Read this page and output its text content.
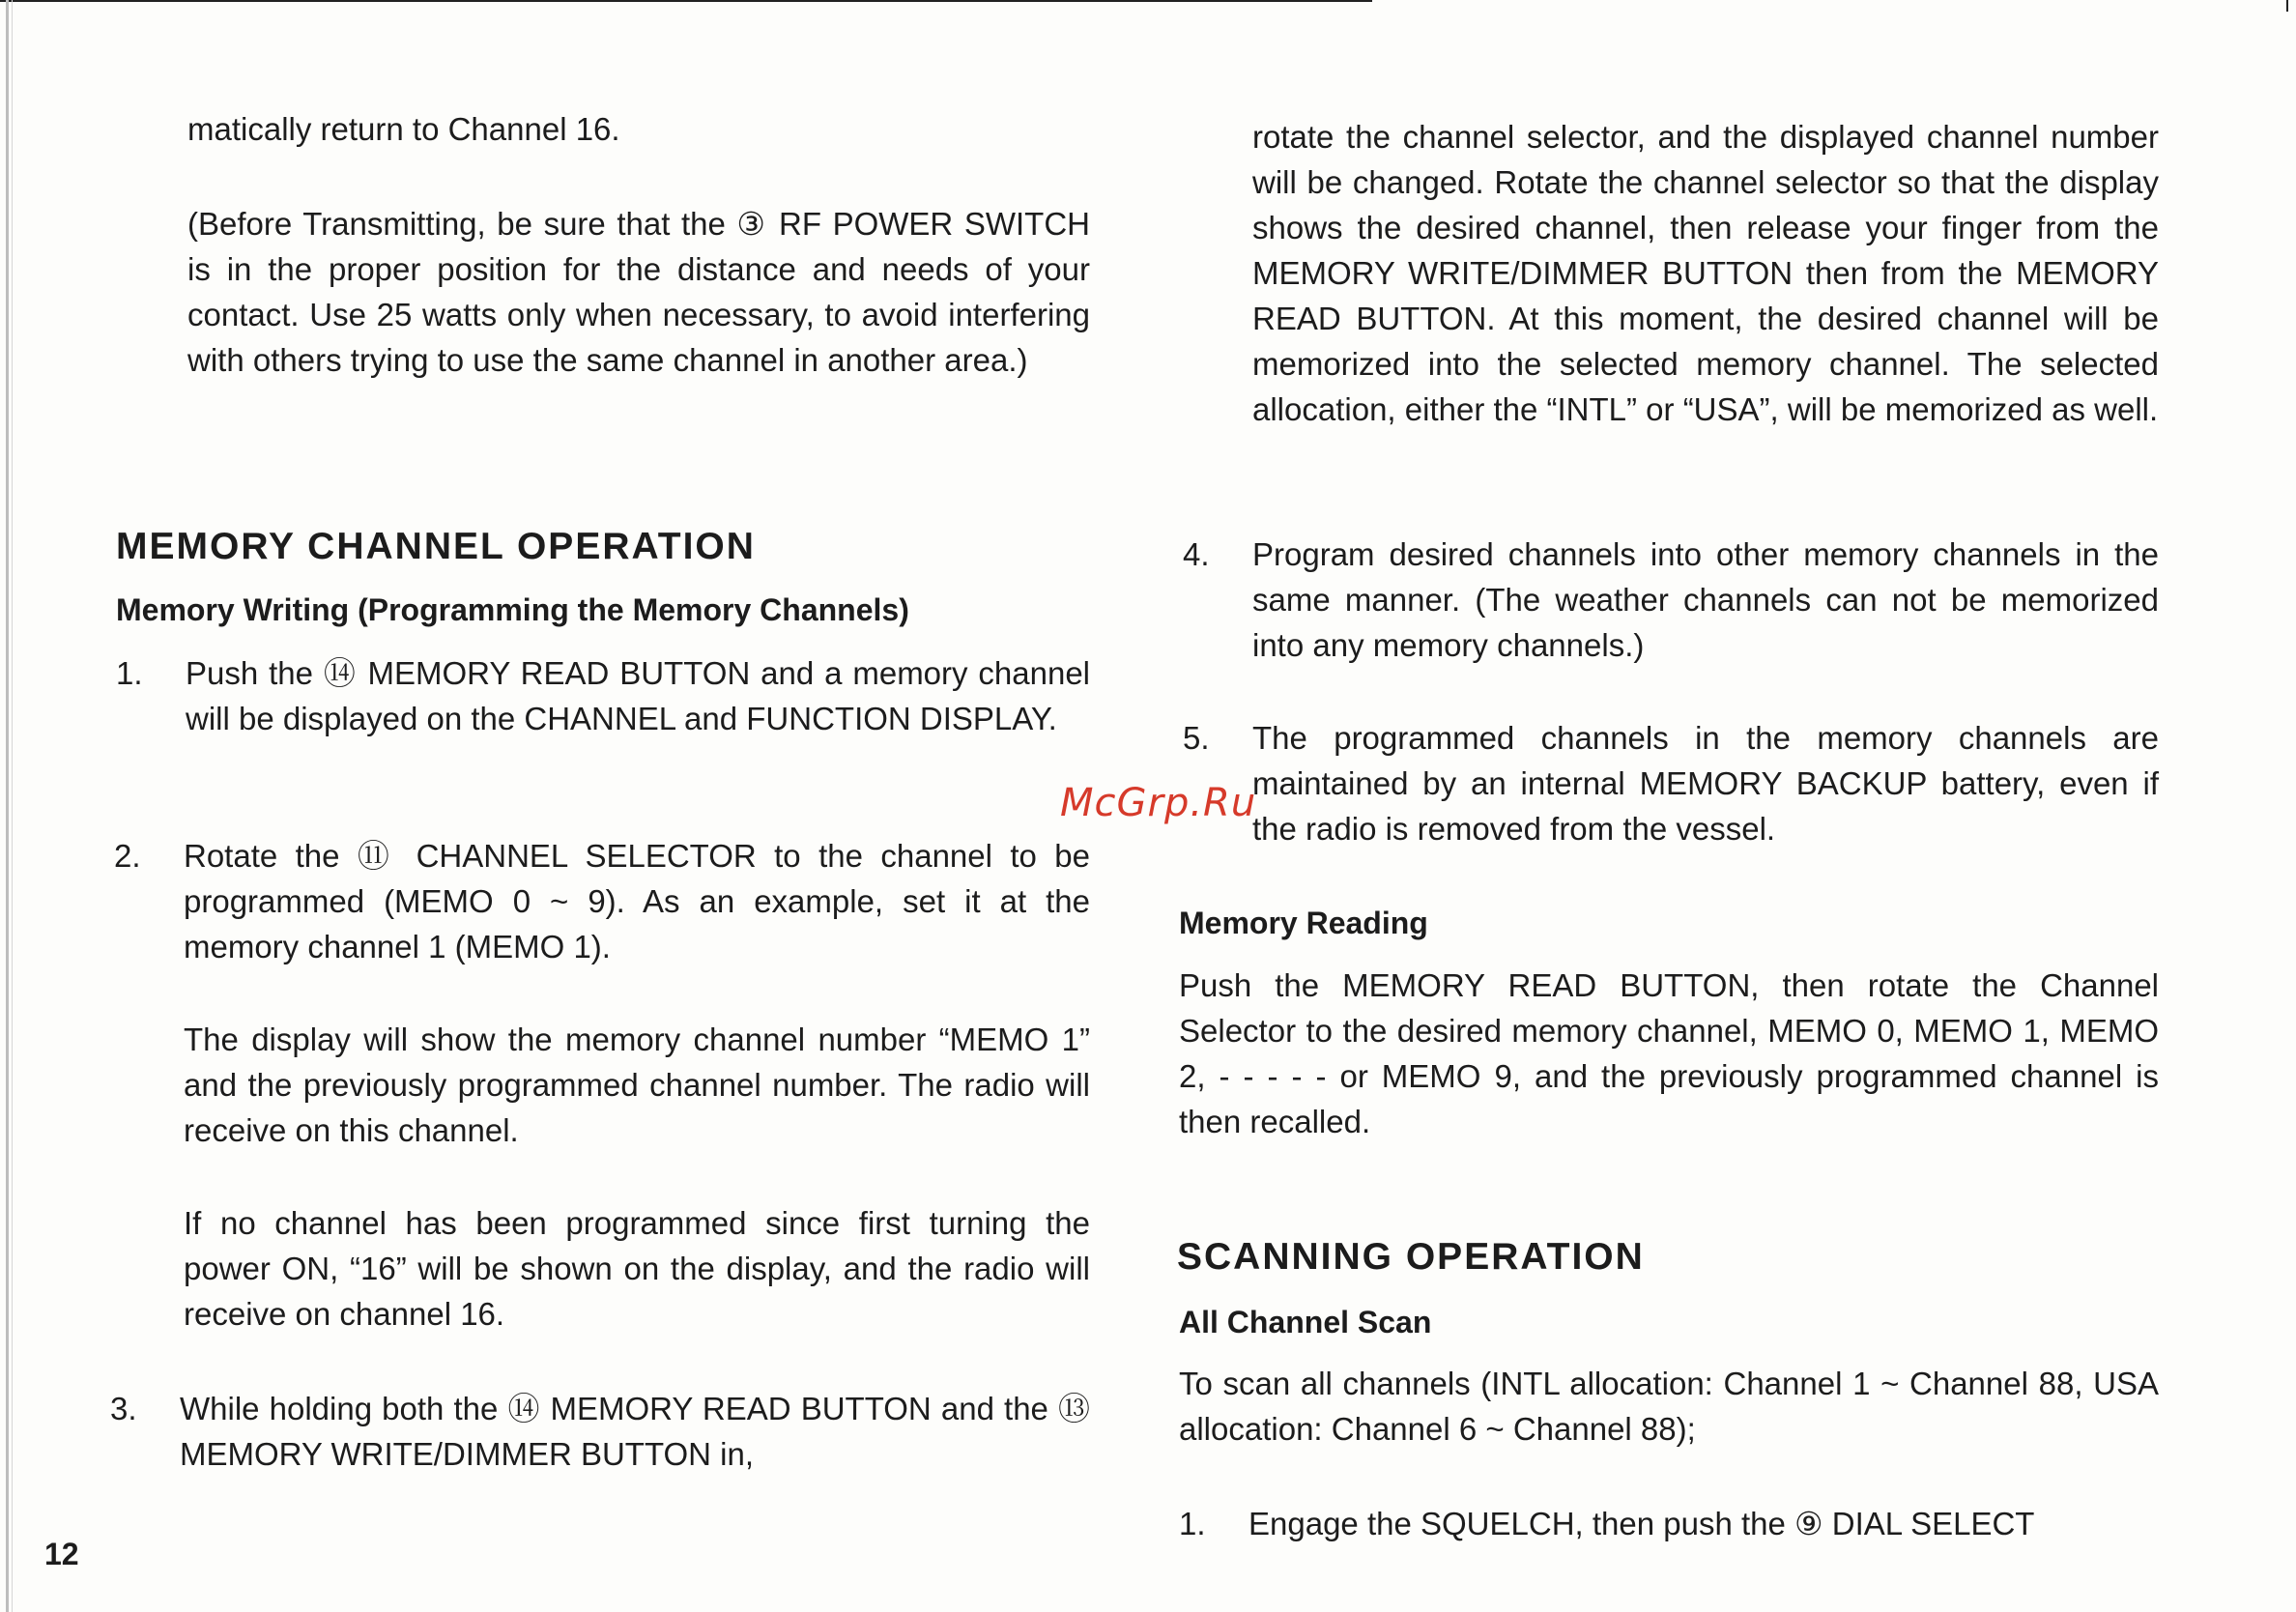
matically return to Channel 16.

(Before Transmitting, be sure that the ③ RF POWER SWITCH is in the proper position for the distance and needs of your contact. Use 25 watts only when necessary, to avoid interfering with others trying to use the same channel in another area.)

MEMORY CHANNEL OPERATION
Memory Writing (Programming the Memory Channels)
1. Push the ⑭ MEMORY READ BUTTON and a memory channel will be displayed on the CHANNEL and FUNCTION DISPLAY.

2. Rotate the ⑪ CHANNEL SELECTOR to the channel to be programmed (MEMO 0 ~ 9). As an example, set it at the memory channel 1 (MEMO 1).

The display will show the memory channel number “MEMO 1” and the previously programmed channel number. The radio will receive on this channel.

If no channel has been programmed since first turning the power ON, “16” will be shown on the display, and the radio will receive on channel 16.

3. While holding both the ⑭ MEMORY READ BUTTON and the ⑬ MEMORY WRITE/DIMMER BUTTON in,

rotate the channel selector, and the displayed channel number will be changed. Rotate the channel selector so that the display shows the desired channel, then release your finger from the MEMORY WRITE/DIMMER BUTTON then from the MEMORY READ BUTTON. At this moment, the desired channel will be memorized into the selected memory channel. The selected allocation, either the “INTL” or “USA”, will be memorized as well.

4. Program desired channels into other memory channels in the same manner. (The weather channels can not be memorized into any memory channels.)

5. The programmed channels in the memory channels are maintained by an internal MEMORY BACKUP battery, even if the radio is removed from the vessel.

Memory Reading

Push the MEMORY READ BUTTON, then rotate the Channel Selector to the desired memory channel, MEMO 0, MEMO 1, MEMO 2, - - - - - or MEMO 9, and the previously programmed channel is then recalled.

SCANNING OPERATION
All Channel Scan

To scan all channels (INTL allocation: Channel 1 ~ Channel 88, USA allocation: Channel 6 ~ Channel 88);

1. Engage the SQUELCH, then push the ⑨ DIAL SELECT

McGrp.Ru
12
